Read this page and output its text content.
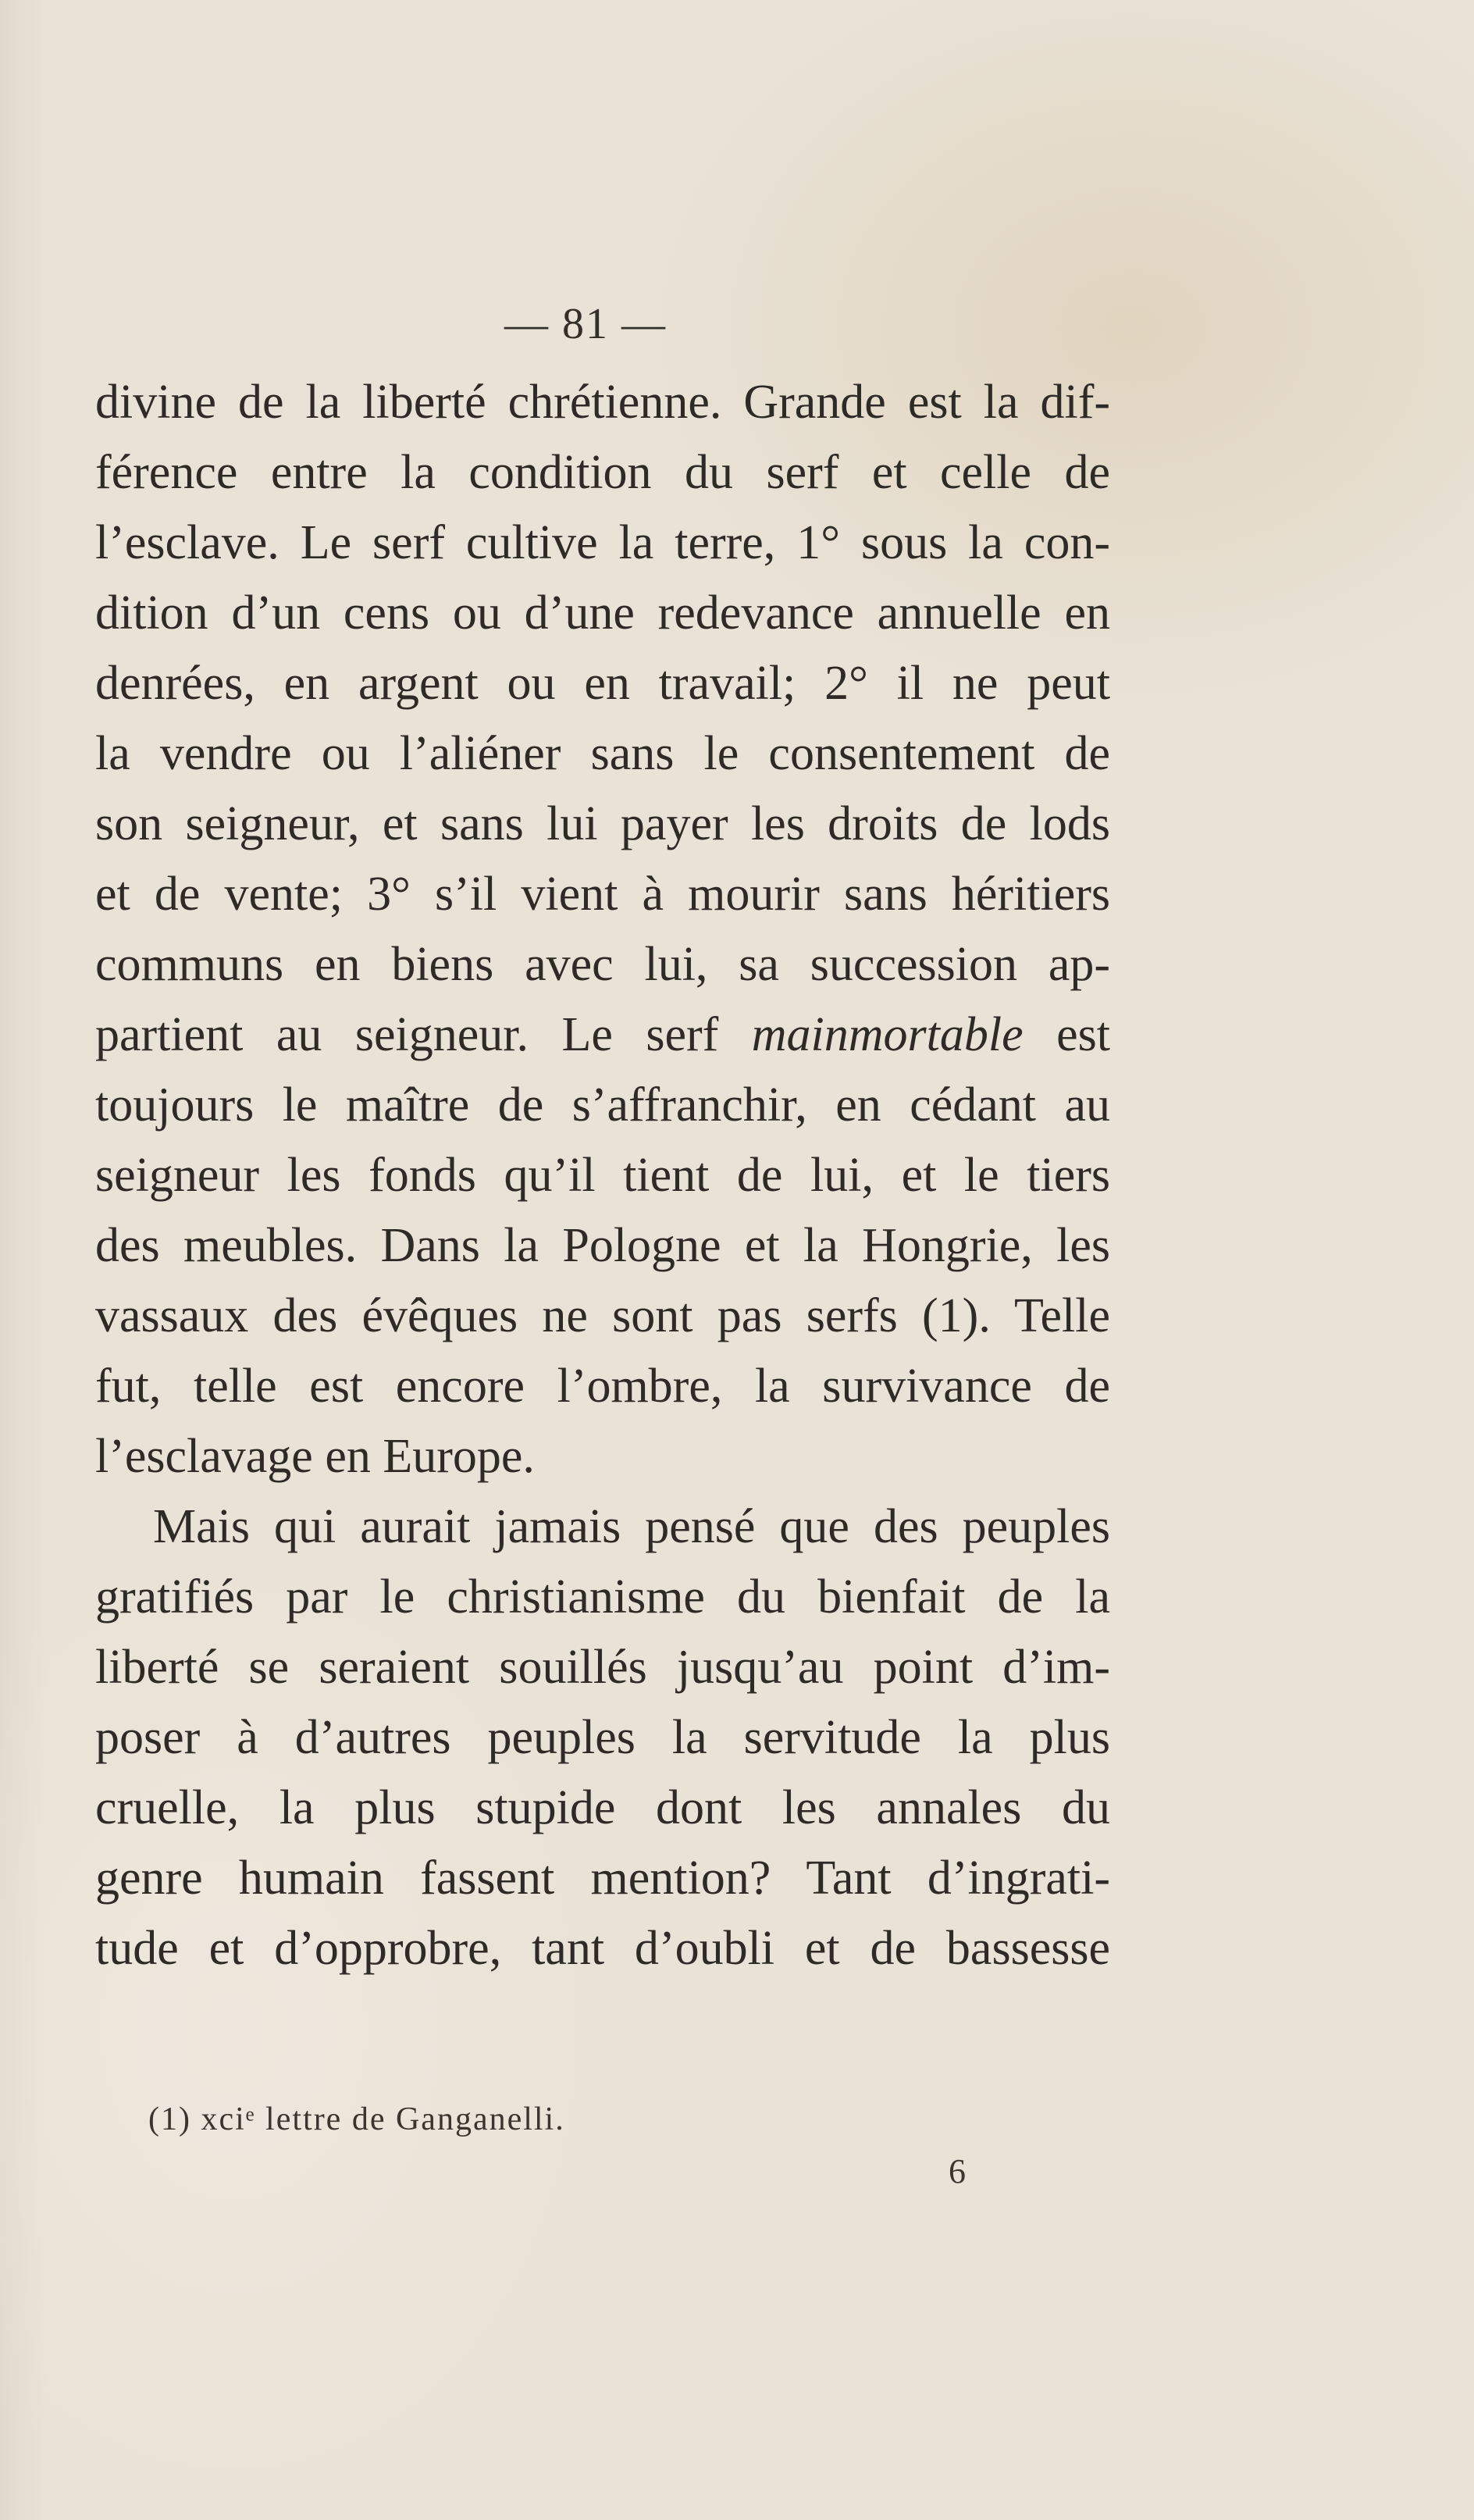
— 81 —
divine de la liberté chrétienne. Grande est la dif-
férence entre la condition du serf et celle de
l’esclave. Le serf cultive la terre, 1° sous la con-
dition d’un cens ou d’une redevance annuelle en
denrées, en argent ou en travail; 2° il ne peut
la vendre ou l’aliéner sans le consentement de
son seigneur, et sans lui payer les droits de lods
et de vente; 3° s’il vient à mourir sans héritiers
communs en biens avec lui, sa succession ap-
partient au seigneur. Le serf mainmortable est
toujours le maître de s’affranchir, en cédant au
seigneur les fonds qu’il tient de lui, et le tiers
des meubles. Dans la Pologne et la Hongrie, les
vassaux des évêques ne sont pas serfs (1). Telle
fut, telle est encore l’ombre, la survivance de
l’esclavage en Europe.
Mais qui aurait jamais pensé que des peuples
gratifiés par le christianisme du bienfait de la
liberté se seraient souillés jusqu’au point d’im-
poser à d’autres peuples la servitude la plus
cruelle, la plus stupide dont les annales du
genre humain fassent mention? Tant d’ingrati-
tude et d’opprobre, tant d’oubli et de bassesse
(1) xciᵉ lettre de Ganganelli.
6
